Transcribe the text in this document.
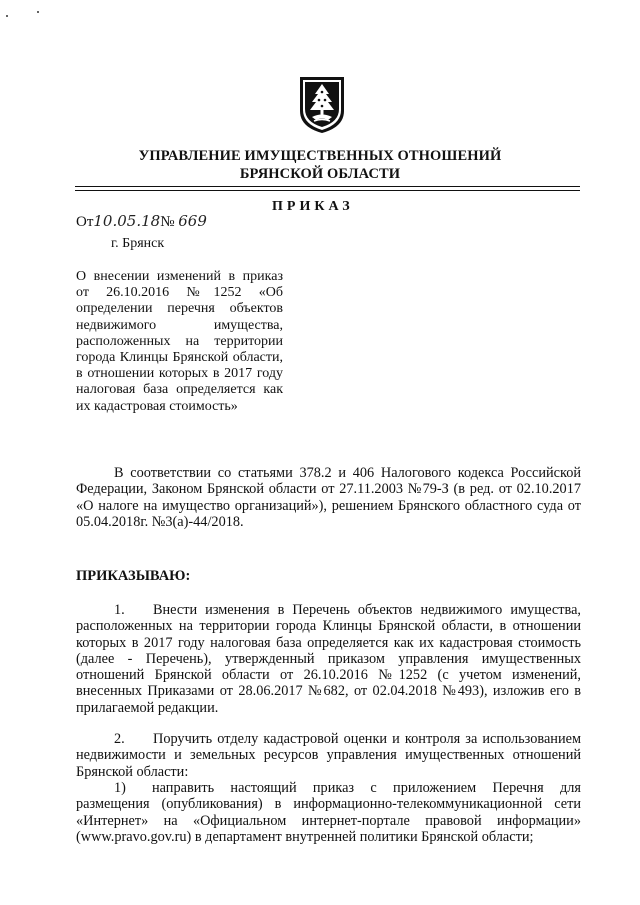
УПРАВЛЕНИЕ ИМУЩЕСТВЕННЫХ ОТНОШЕНИЙ
БРЯНСКОЙ ОБЛАСТИ
ПРИКАЗ
От10.05.18№ 669
г. Брянск
О внесении изменений в приказ от 26.10.2016 №1252 «Об определении перечня объектов недвижимого имущества, расположенных на территории города Клинцы Брянской области, в отношении которых в 2017 году налоговая база определяется как их кадастровая стоимость»
В соответствии со статьями 378.2 и 406 Налогового кодекса Российской Федерации, Законом Брянской области от 27.11.2003 №79-З (в ред. от 02.10.2017 «О налоге на имущество организаций»), решением Брянского областного суда от 05.04.2018г. №3(а)-44/2018.
ПРИКАЗЫВАЮ:
1. Внести изменения в Перечень объектов недвижимого имущества, расположенных на территории города Клинцы Брянской области, в отношении которых в 2017 году налоговая база определяется как их кадастровая стоимость (далее - Перечень), утвержденный приказом управления имущественных отношений Брянской области от 26.10.2016 №1252 (с учетом изменений, внесенных Приказами от 28.06.2017 №682, от 02.04.2018 №493), изложив его в прилагаемой редакции.
2. Поручить отделу кадастровой оценки и контроля за использованием недвижимости и земельных ресурсов управления имущественных отношений Брянской области:
1) направить настоящий приказ с приложением Перечня для размещения (опубликования) в информационно-телекоммуникационной сети «Интернет» на «Официальном интернет-портале правовой информации» (www.pravo.gov.ru) в департамент внутренней политики Брянской области;
